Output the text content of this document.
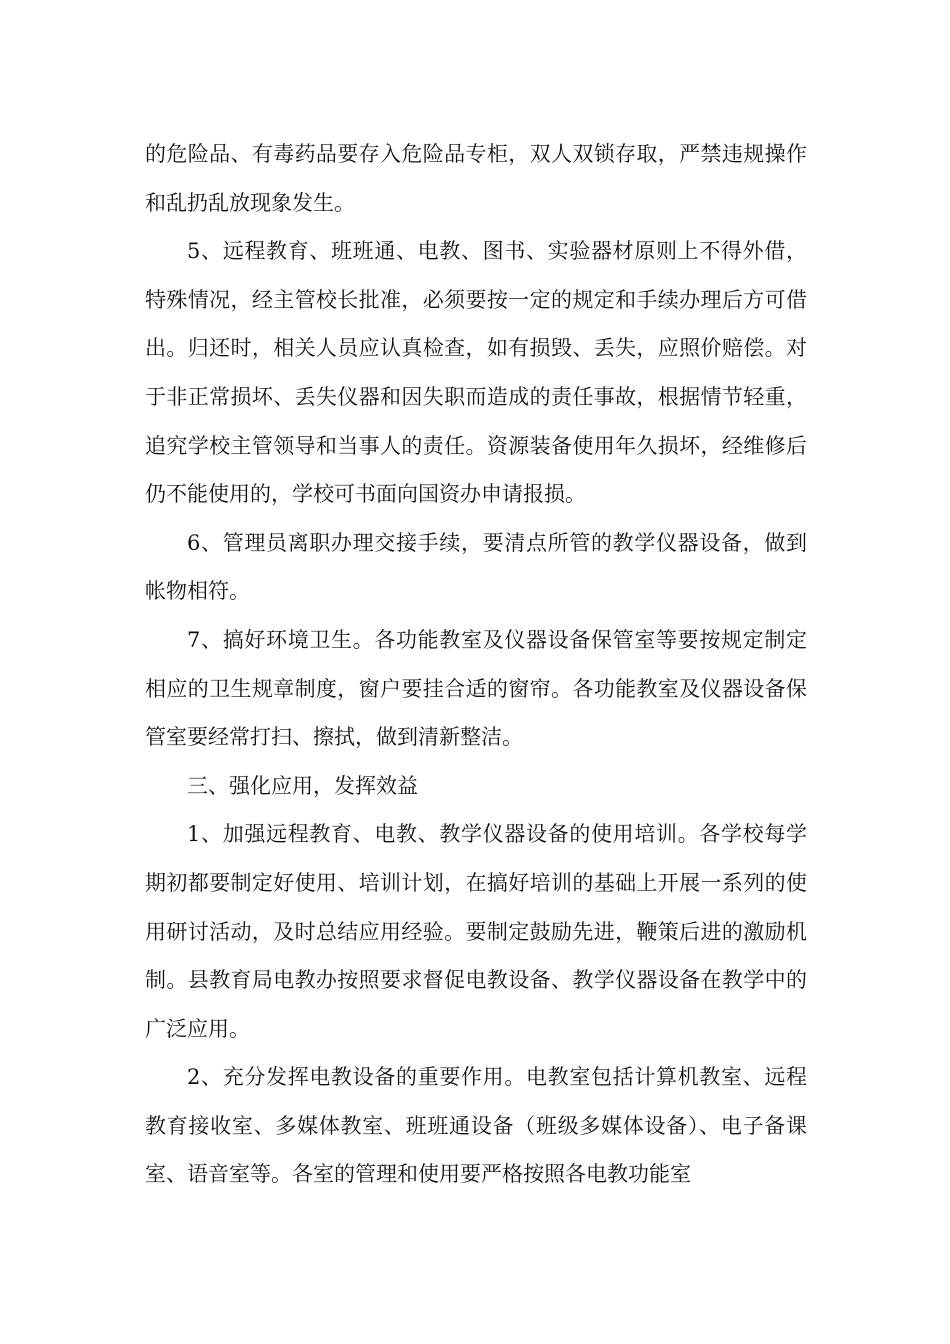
的危险品、有毒药品要存入危险品专柜，双人双锁存取，严禁违规操作和乱扔乱放现象发生。

5、远程教育、班班通、电教、图书、实验器材原则上不得外借，特殊情况，经主管校长批准，必须要按一定的规定和手续办理后方可借出。归还时，相关人员应认真检查，如有损毁、丢失，应照价赔偿。对于非正常损坏、丢失仪器和因失职而造成的责任事故，根据情节轻重，追究学校主管领导和当事人的责任。资源装备使用年久损坏，经维修后仍不能使用的，学校可书面向国资办申请报损。

6、管理员离职办理交接手续，要清点所管的教学仪器设备，做到帐物相符。

7、搞好环境卫生。各功能教室及仪器设备保管室等要按规定制定相应的卫生规章制度，窗户要挂合适的窗帘。各功能教室及仪器设备保管室要经常打扫、擦拭，做到清新整洁。

三、强化应用，发挥效益

1、加强远程教育、电教、教学仪器设备的使用培训。各学校每学期初都要制定好使用、培训计划，在搞好培训的基础上开展一系列的使用研讨活动，及时总结应用经验。要制定鼓励先进，鞭策后进的激励机制。县教育局电教办按照要求督促电教设备、教学仪器设备在教学中的广泛应用。

2、充分发挥电教设备的重要作用。电教室包括计算机教室、远程教育接收室、多媒体教室、班班通设备（班级多媒体设备）、电子备课室、语音室等。各室的管理和使用要严格按照各电教功能室
